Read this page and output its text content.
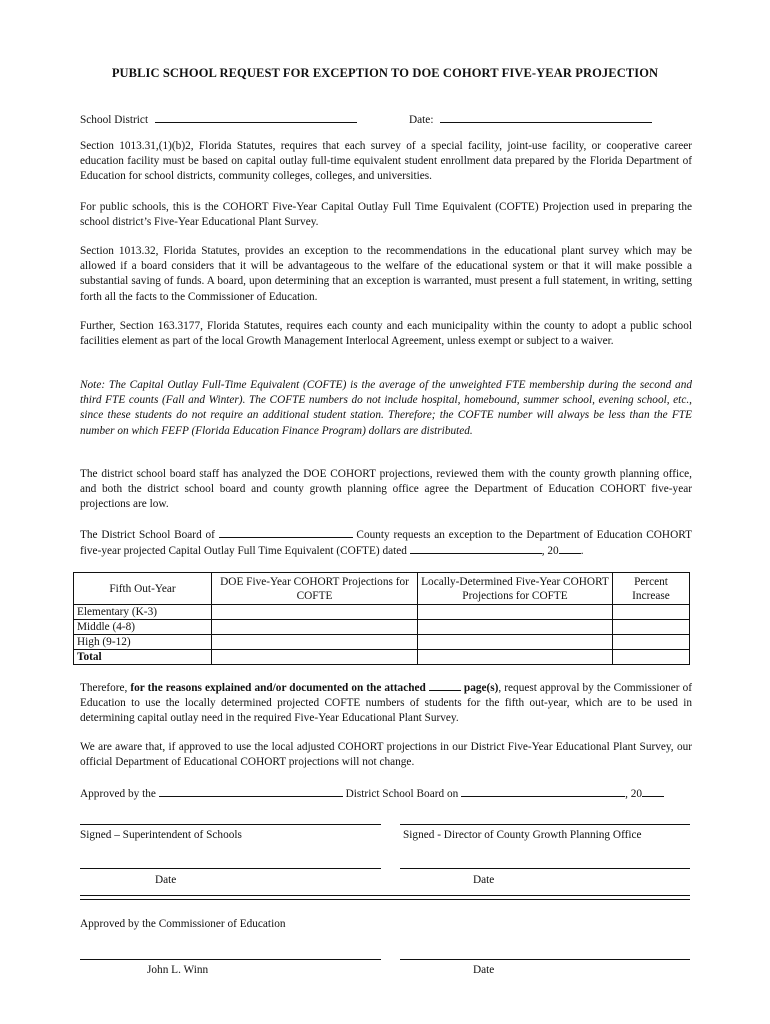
PUBLIC SCHOOL REQUEST FOR EXCEPTION TO DOE COHORT FIVE-YEAR PROJECTION
School District	Date:

Section 1013.31,(1)(b)2, Florida Statutes, requires that each survey of a special facility, joint-use facility, or cooperative career education facility must be based on capital outlay full-time equivalent student enrollment data prepared by the Florida Department of Education for school districts, community colleges, colleges, and universities.

For public schools, this is the COHORT Five-Year Capital Outlay Full Time Equivalent (COFTE) Projection used in preparing the school district’s Five-Year Educational Plant Survey.

Section 1013.32, Florida Statutes, provides an exception to the recommendations in the educational plant survey which may be allowed if a board considers that it will be advantageous to the welfare of the educational system or that it will make possible a substantial saving of funds. A board, upon determining that an exception is warranted, must present a full statement, in writing, setting forth all the facts to the Commissioner of Education.

Further, Section 163.3177, Florida Statutes, requires each county and each municipality within the county to adopt a public school facilities element as part of the local Growth Management Interlocal Agreement, unless exempt or subject to a waiver.

Note: The Capital Outlay Full-Time Equivalent (COFTE) is the average of the unweighted FTE membership during the second and third FTE counts (Fall and Winter). The COFTE numbers do not include hospital, homebound, summer school, evening school, etc., since these students do not require an additional student station. Therefore; the COFTE number will always be less than the FTE number on which FEFP (Florida Education Finance Program) dollars are distributed.

The district school board staff has analyzed the DOE COHORT projections, reviewed them with the county growth planning office, and both the district school board and county growth planning office agree the Department of Education COHORT five-year projections are low.

The District School Board of	County requests an exception to the Department of Education COHORT five-year projected Capital Outlay Full Time Equivalent (COFTE) dated	, 20 .

Fifth Out-Year	DOE Five-Year COHORT Projections for COFTE	Locally-Determined Five-Year COHORT Projections for COFTE	Percent Increase
Elementary (K-3)			
Middle (4-8)			
High (9-12)			
Total			

Therefore, for the reasons explained and/or documented on the attached	page(s), request approval by the Commissioner of Education to use the locally determined projected COFTE numbers of students for the fifth out-year, which are to be used in determining capital outlay need in the required Five-Year Educational Plant Survey.

We are aware that, if approved to use the local adjusted COHORT projections in our District Five-Year Educational Plant Survey, our official Department of Educational COHORT projections will not change.

Approved by the	District School Board on	, 20
Signed – Superintendent of Schools	Signed - Director of County Growth Planning Office
Date	Date
Approved by the Commissioner of Education
John L. Winn	Date
